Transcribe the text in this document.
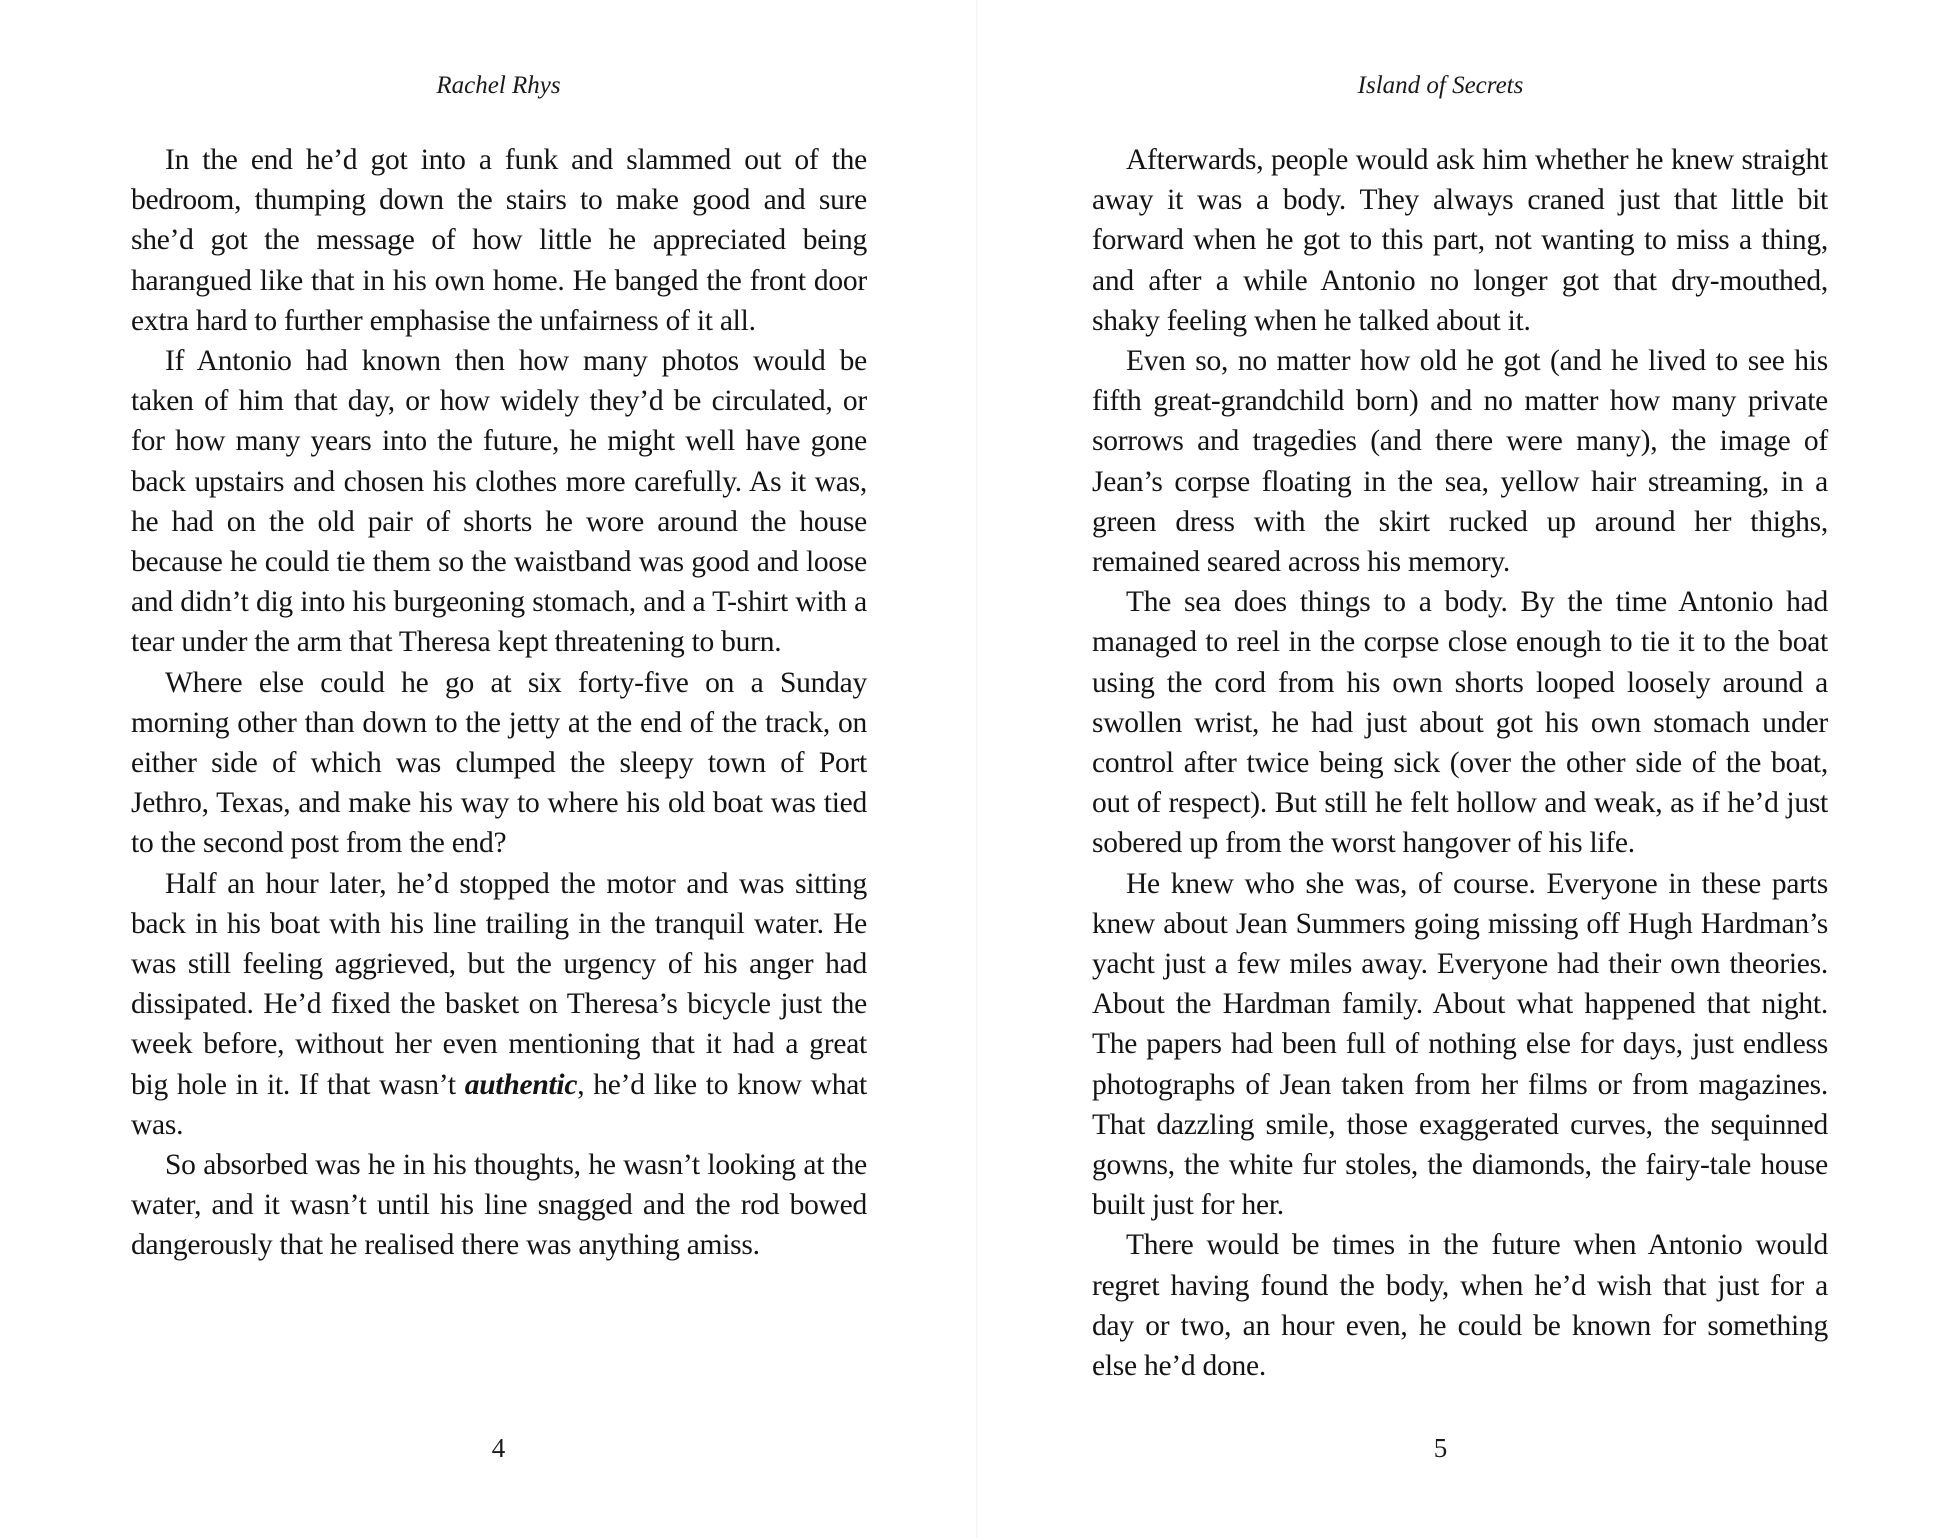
Rachel Rhys

In the end he’d got into a funk and slammed out of the bedroom, thumping down the stairs to make good and sure she’d got the message of how little he appreciated being harangued like that in his own home. He banged the front door extra hard to further emphasise the unfairness of it all.

If Antonio had known then how many photos would be taken of him that day, or how widely they’d be circulated, or for how many years into the future, he might well have gone back upstairs and chosen his clothes more carefully. As it was, he had on the old pair of shorts he wore around the house because he could tie them so the waistband was good and loose and didn’t dig into his burgeoning stomach, and a T-shirt with a tear under the arm that Theresa kept threatening to burn.

Where else could he go at six forty-five on a Sunday morning other than down to the jetty at the end of the track, on either side of which was clumped the sleepy town of Port Jethro, Texas, and make his way to where his old boat was tied to the second post from the end?

Half an hour later, he’d stopped the motor and was sitting back in his boat with his line trailing in the tranquil water. He was still feeling aggrieved, but the urgency of his anger had dissipated. He’d fixed the basket on Theresa’s bicycle just the week before, without her even mentioning that it had a great big hole in it. If that wasn’t authentic, he’d like to know what was.

So absorbed was he in his thoughts, he wasn’t looking at the water, and it wasn’t until his line snagged and the rod bowed dangerously that he realised there was anything amiss.

4
Island of Secrets

Afterwards, people would ask him whether he knew straight away it was a body. They always craned just that little bit forward when he got to this part, not wanting to miss a thing, and after a while Antonio no longer got that dry-mouthed, shaky feeling when he talked about it.

Even so, no matter how old he got (and he lived to see his fifth great-grandchild born) and no matter how many private sorrows and tragedies (and there were many), the image of Jean’s corpse floating in the sea, yellow hair streaming, in a green dress with the skirt rucked up around her thighs, remained seared across his memory.

The sea does things to a body. By the time Antonio had managed to reel in the corpse close enough to tie it to the boat using the cord from his own shorts looped loosely around a swollen wrist, he had just about got his own stomach under control after twice being sick (over the other side of the boat, out of respect). But still he felt hollow and weak, as if he’d just sobered up from the worst hangover of his life.

He knew who she was, of course. Everyone in these parts knew about Jean Summers going missing off Hugh Hardman’s yacht just a few miles away. Everyone had their own theories. About the Hardman family. About what happened that night. The papers had been full of nothing else for days, just endless photographs of Jean taken from her films or from magazines. That dazzling smile, those exaggerated curves, the sequinned gowns, the white fur stoles, the diamonds, the fairy-tale house built just for her.

There would be times in the future when Antonio would regret having found the body, when he’d wish that just for a day or two, an hour even, he could be known for something else he’d done.

5
